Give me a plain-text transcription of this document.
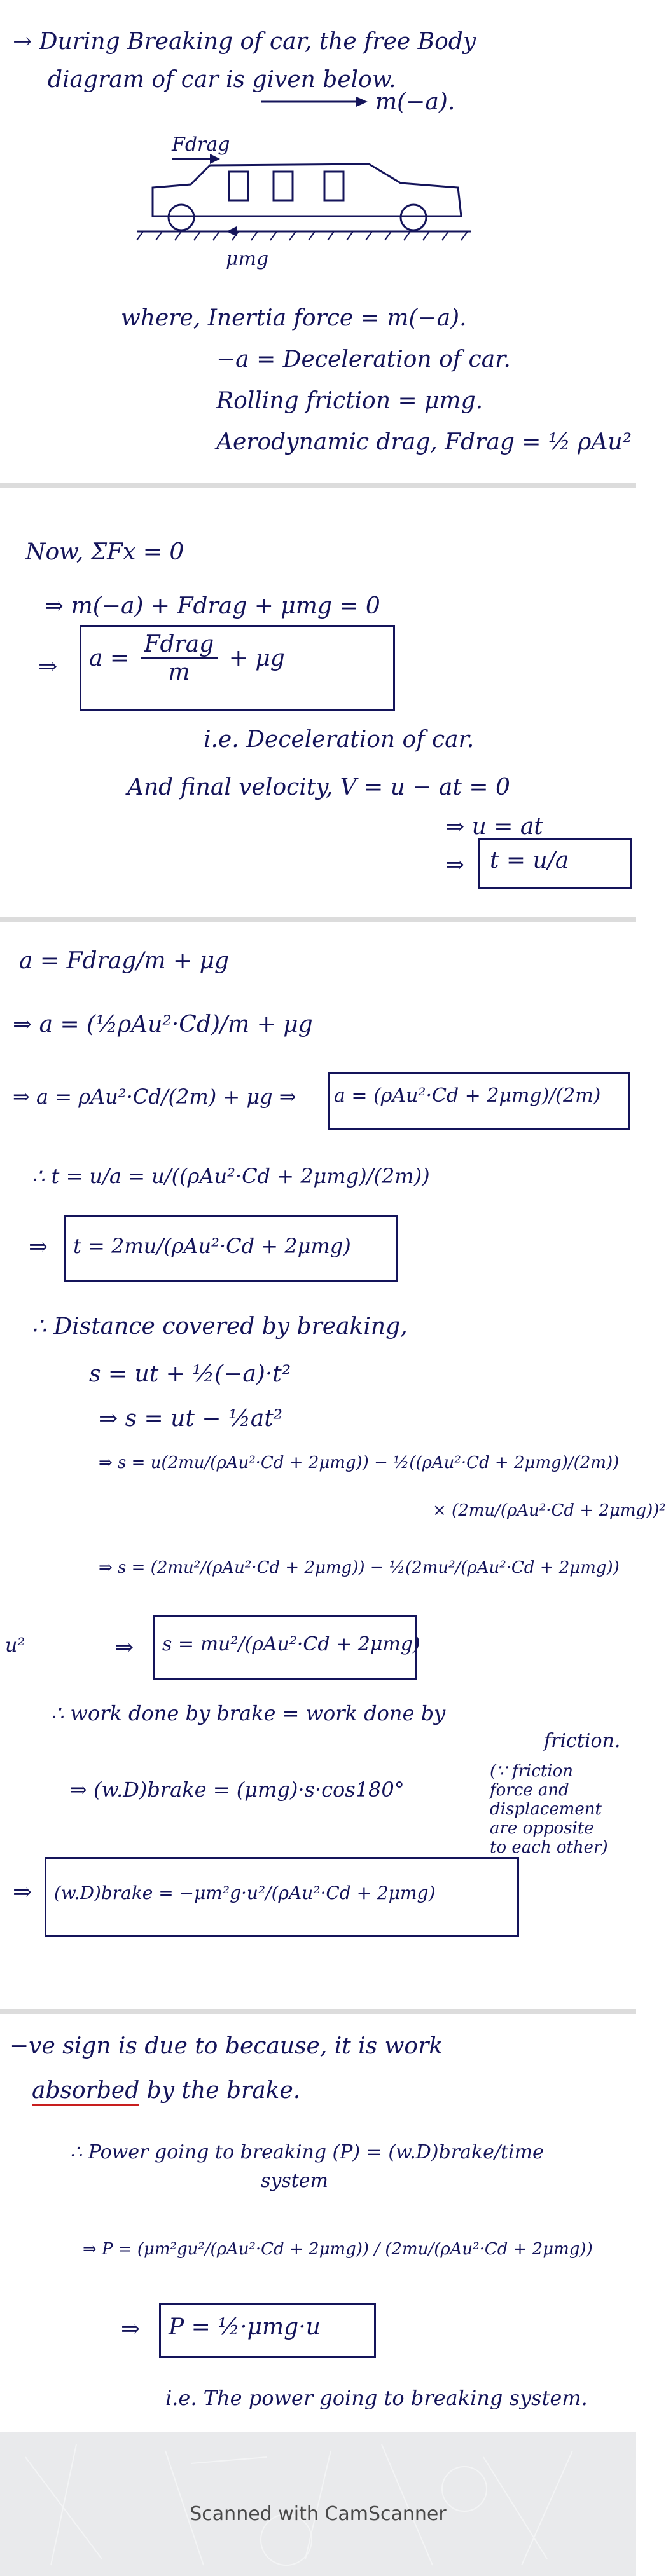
→ During Breaking of car, the free Body
diagram of car is given below.
m(−a).
Fdrag
μmg
where, Inertia force = m(−a).
−a = Deceleration of car.
Rolling friction = μmg.
Aerodynamic drag, Fdrag = ½ ρAu²
Now, ΣFx = 0
⇒ m(−a) + Fdrag + μmg = 0
⇒ $a = \frac{\text{Fdrag}}{m} + \mu g$
i.e. Deceleration of car.
And final velocity, V = u − at = 0
⇒ u = at
⇒ t = u/a
a = Fdrag/m + μg
⇒ a = (½ρAu²·Cd)/m + μg
⇒ a = ρAu²·Cd/(2m) + μg ⇒ a = (ρAu²·Cd + 2μmg)/(2m)
∴ t = u/a = u/((ρAu²·Cd + 2μmg)/(2m))
⇒ t = 2mu/(ρAu²·Cd + 2μmg)
∴ Distance covered by breaking,
s = ut + ½(−a)·t²
⇒ s = ut − ½at²
⇒ s = u(2mu/(ρAu²·Cd + 2μmg)) − ½((ρAu²·Cd + 2μmg)/(2m))
× (2mu/(ρAu²·Cd + 2μmg))²
⇒ s = (2mu²/(ρAu²·Cd + 2μmg)) − ½(2mu²/(ρAu²·Cd + 2μmg))
u²	⇒ s = mu²/(ρAu²·Cd + 2μmg)
∴ work done by brake = work done by
friction.
⇒ (w.D)brake = (μmg)·s·cos180°
(∵ friction
force and
displacement
are opposite
to each other)
⇒ (w.D)brake = −μm²g·u²/(ρAu²·Cd + 2μmg)
−ve sign is due to because, it is work
absorbed by the brake.
∴ Power going to breaking (P) = (w.D)brake/time
system
⇒ P = (μm²gu²/(ρAu²·Cd + 2μmg)) / (2mu/(ρAu²·Cd + 2μmg))
⇒ P = ½·μmg·u
i.e. The power going to breaking system.
Scanned with CamScanner
